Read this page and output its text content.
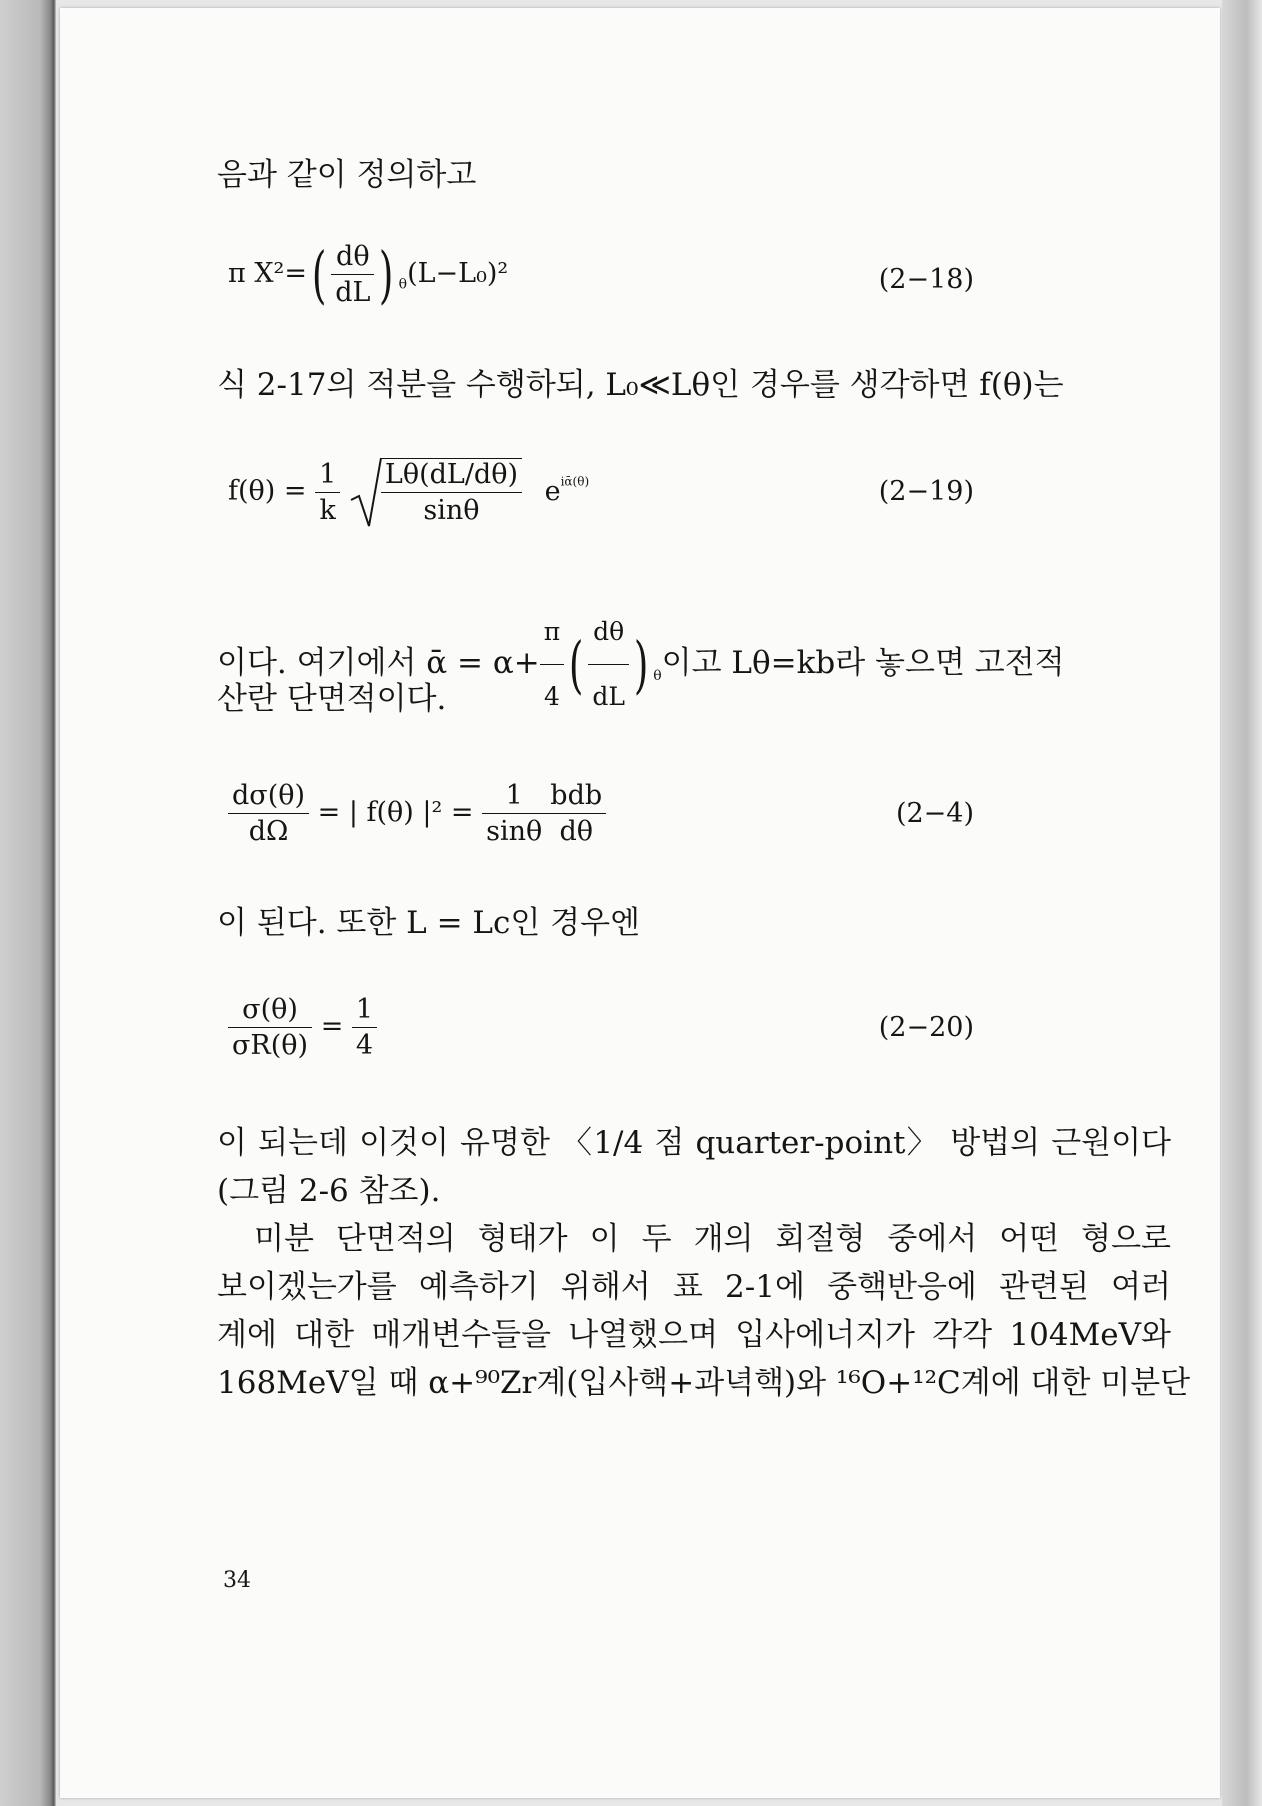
음과 같이 정의하고
π $X^2=( \frac{d\theta}{dL}$ ) $_\theta$(L−L₀)²	(2−18)
식 2-17의 적분을 수행하되, L₀≪Lθ인 경우를 생각하면 f(θ)는
$f(\theta) = \frac{1}{k}$
$\frac{L\theta(dL/d\theta)}{\sin\theta} e^{iᾱ(\theta)}$	(2−19)
이다. 여기에서 ᾱ = $\alpha+ \frac{\pi}{4}$ ( $\frac{d\theta}{dL}$ ) $_\theta$이고 Lθ=kb라 놓으면 고전적
산란 단면적이다.
$\frac{d\sigma(\theta)}{d\Omega}$ = | f(θ) $|^2 = \frac{1}{\sin\theta} \frac{\text{bdb}}{d\theta}$	(2−4)
이 된다. 또한 L = Lc인 경우엔
$\frac{\sigma(\theta)}{\sigma R(\theta)} = \frac{1}{4}$	(2−20)
이 되는데 이것이 유명한 〈1/4 점 quarter-point〉 방법의 근원이다
(그림 2-6 참조).
미분 단면적의 형태가 이 두 개의 회절형 중에서 어떤 형으로
보이겠는가를 예측하기 위해서 표 2-1에 중핵반응에 관련된 여러
계에 대한 매개변수들을 나열했으며 입사에너지가 각각 104MeV와
168MeV일 때 α+⁹⁰Zr계(입사핵+과녁핵)와 ¹⁶O+¹²C계에 대한 미분단
34
